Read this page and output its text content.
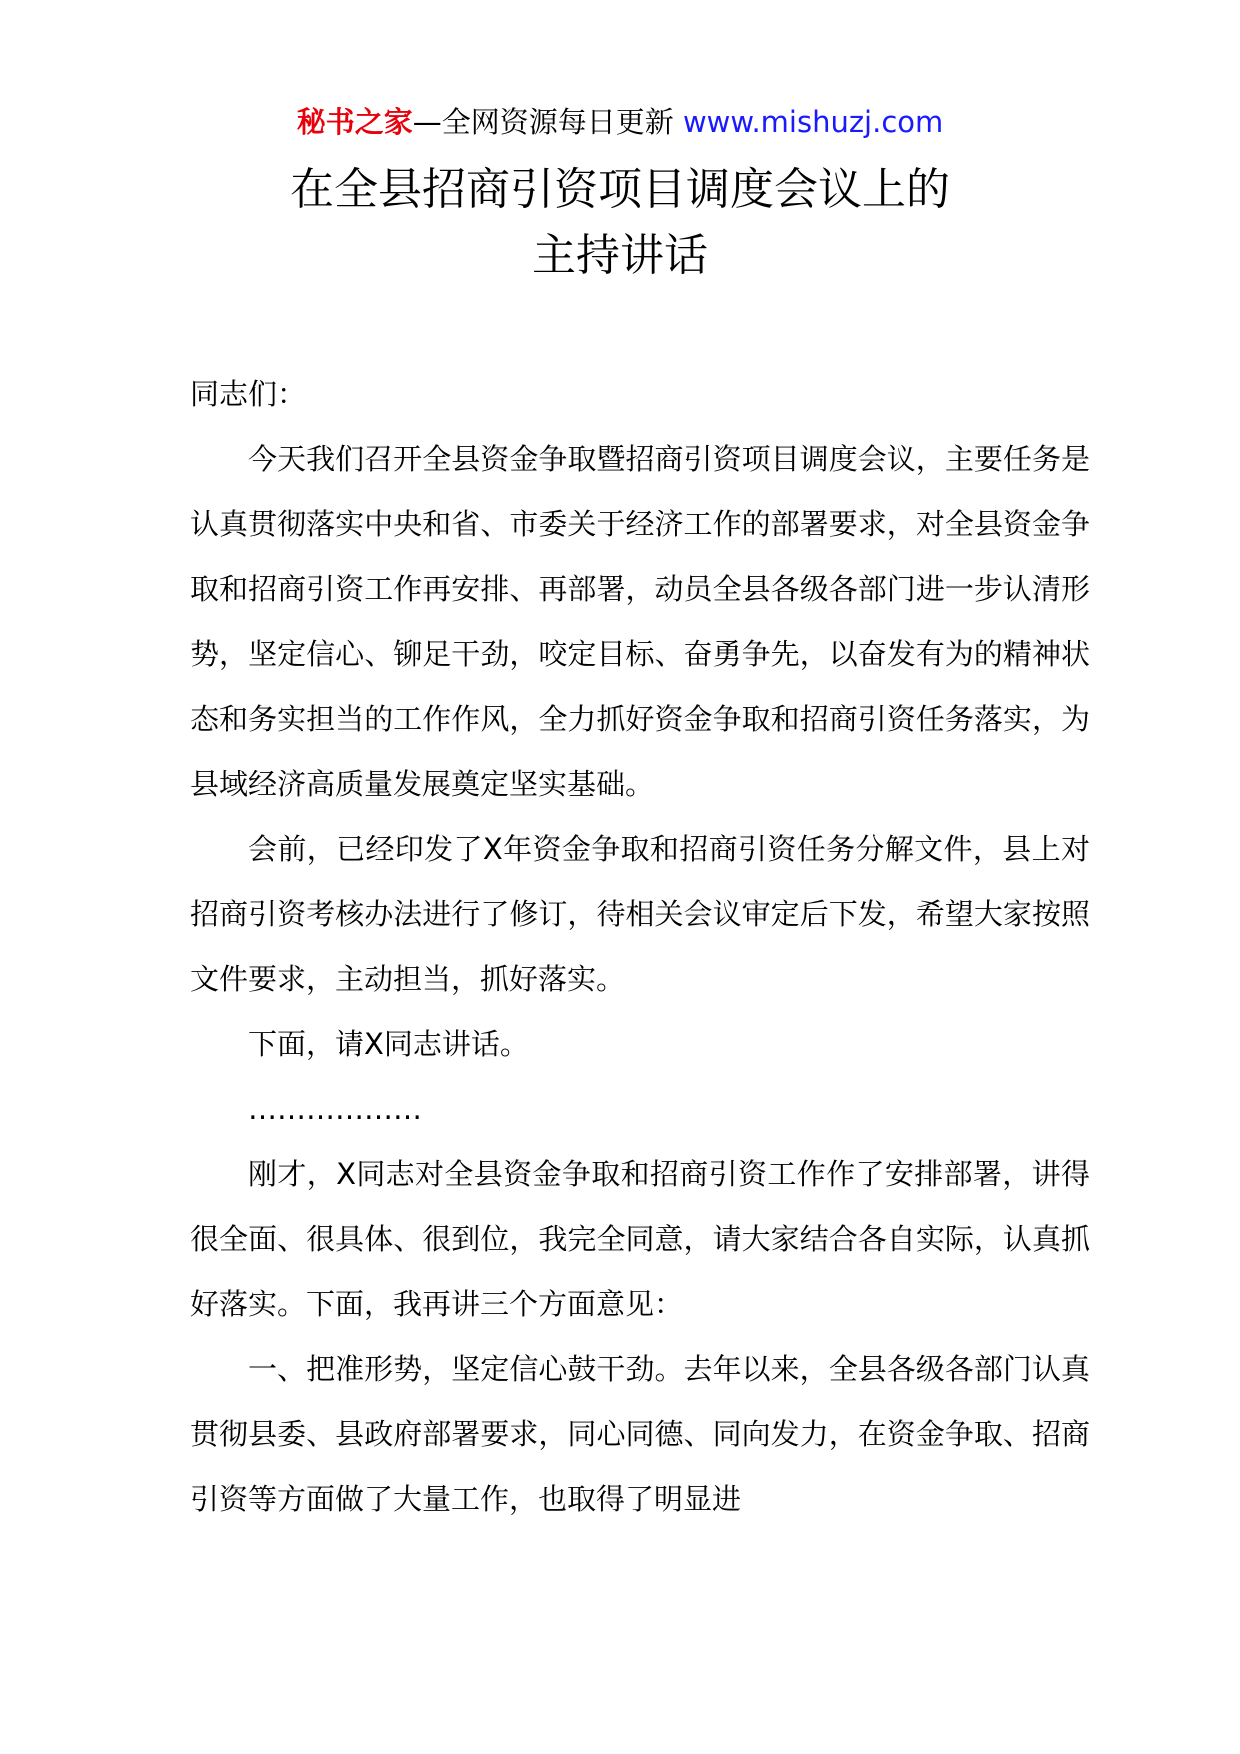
秘书之家—全网资源每日更新 www.mishuzj.com
在全县招商引资项目调度会议上的
主持讲话

同志们：

今天我们召开全县资金争取暨招商引资项目调度会议，主要任务是认真贯彻落实中央和省、市委关于经济工作的部署要求，对全县资金争取和招商引资工作再安排、再部署，动员全县各级各部门进一步认清形势，坚定信心、铆足干劲，咬定目标、奋勇争先，以奋发有为的精神状态和务实担当的工作作风，全力抓好资金争取和招商引资任务落实，为县域经济高质量发展奠定坚实基础。

会前，已经印发了X年资金争取和招商引资任务分解文件，县上对招商引资考核办法进行了修订，待相关会议审定后下发，希望大家按照文件要求，主动担当，抓好落实。

下面，请X同志讲话。

………………

刚才，X同志对全县资金争取和招商引资工作作了安排部署，讲得很全面、很具体、很到位，我完全同意，请大家结合各自实际，认真抓好落实。下面，我再讲三个方面意见：

一、把准形势，坚定信心鼓干劲。去年以来，全县各级各部门认真贯彻县委、县政府部署要求，同心同德、同向发力，在资金争取、招商引资等方面做了大量工作，也取得了明显进
